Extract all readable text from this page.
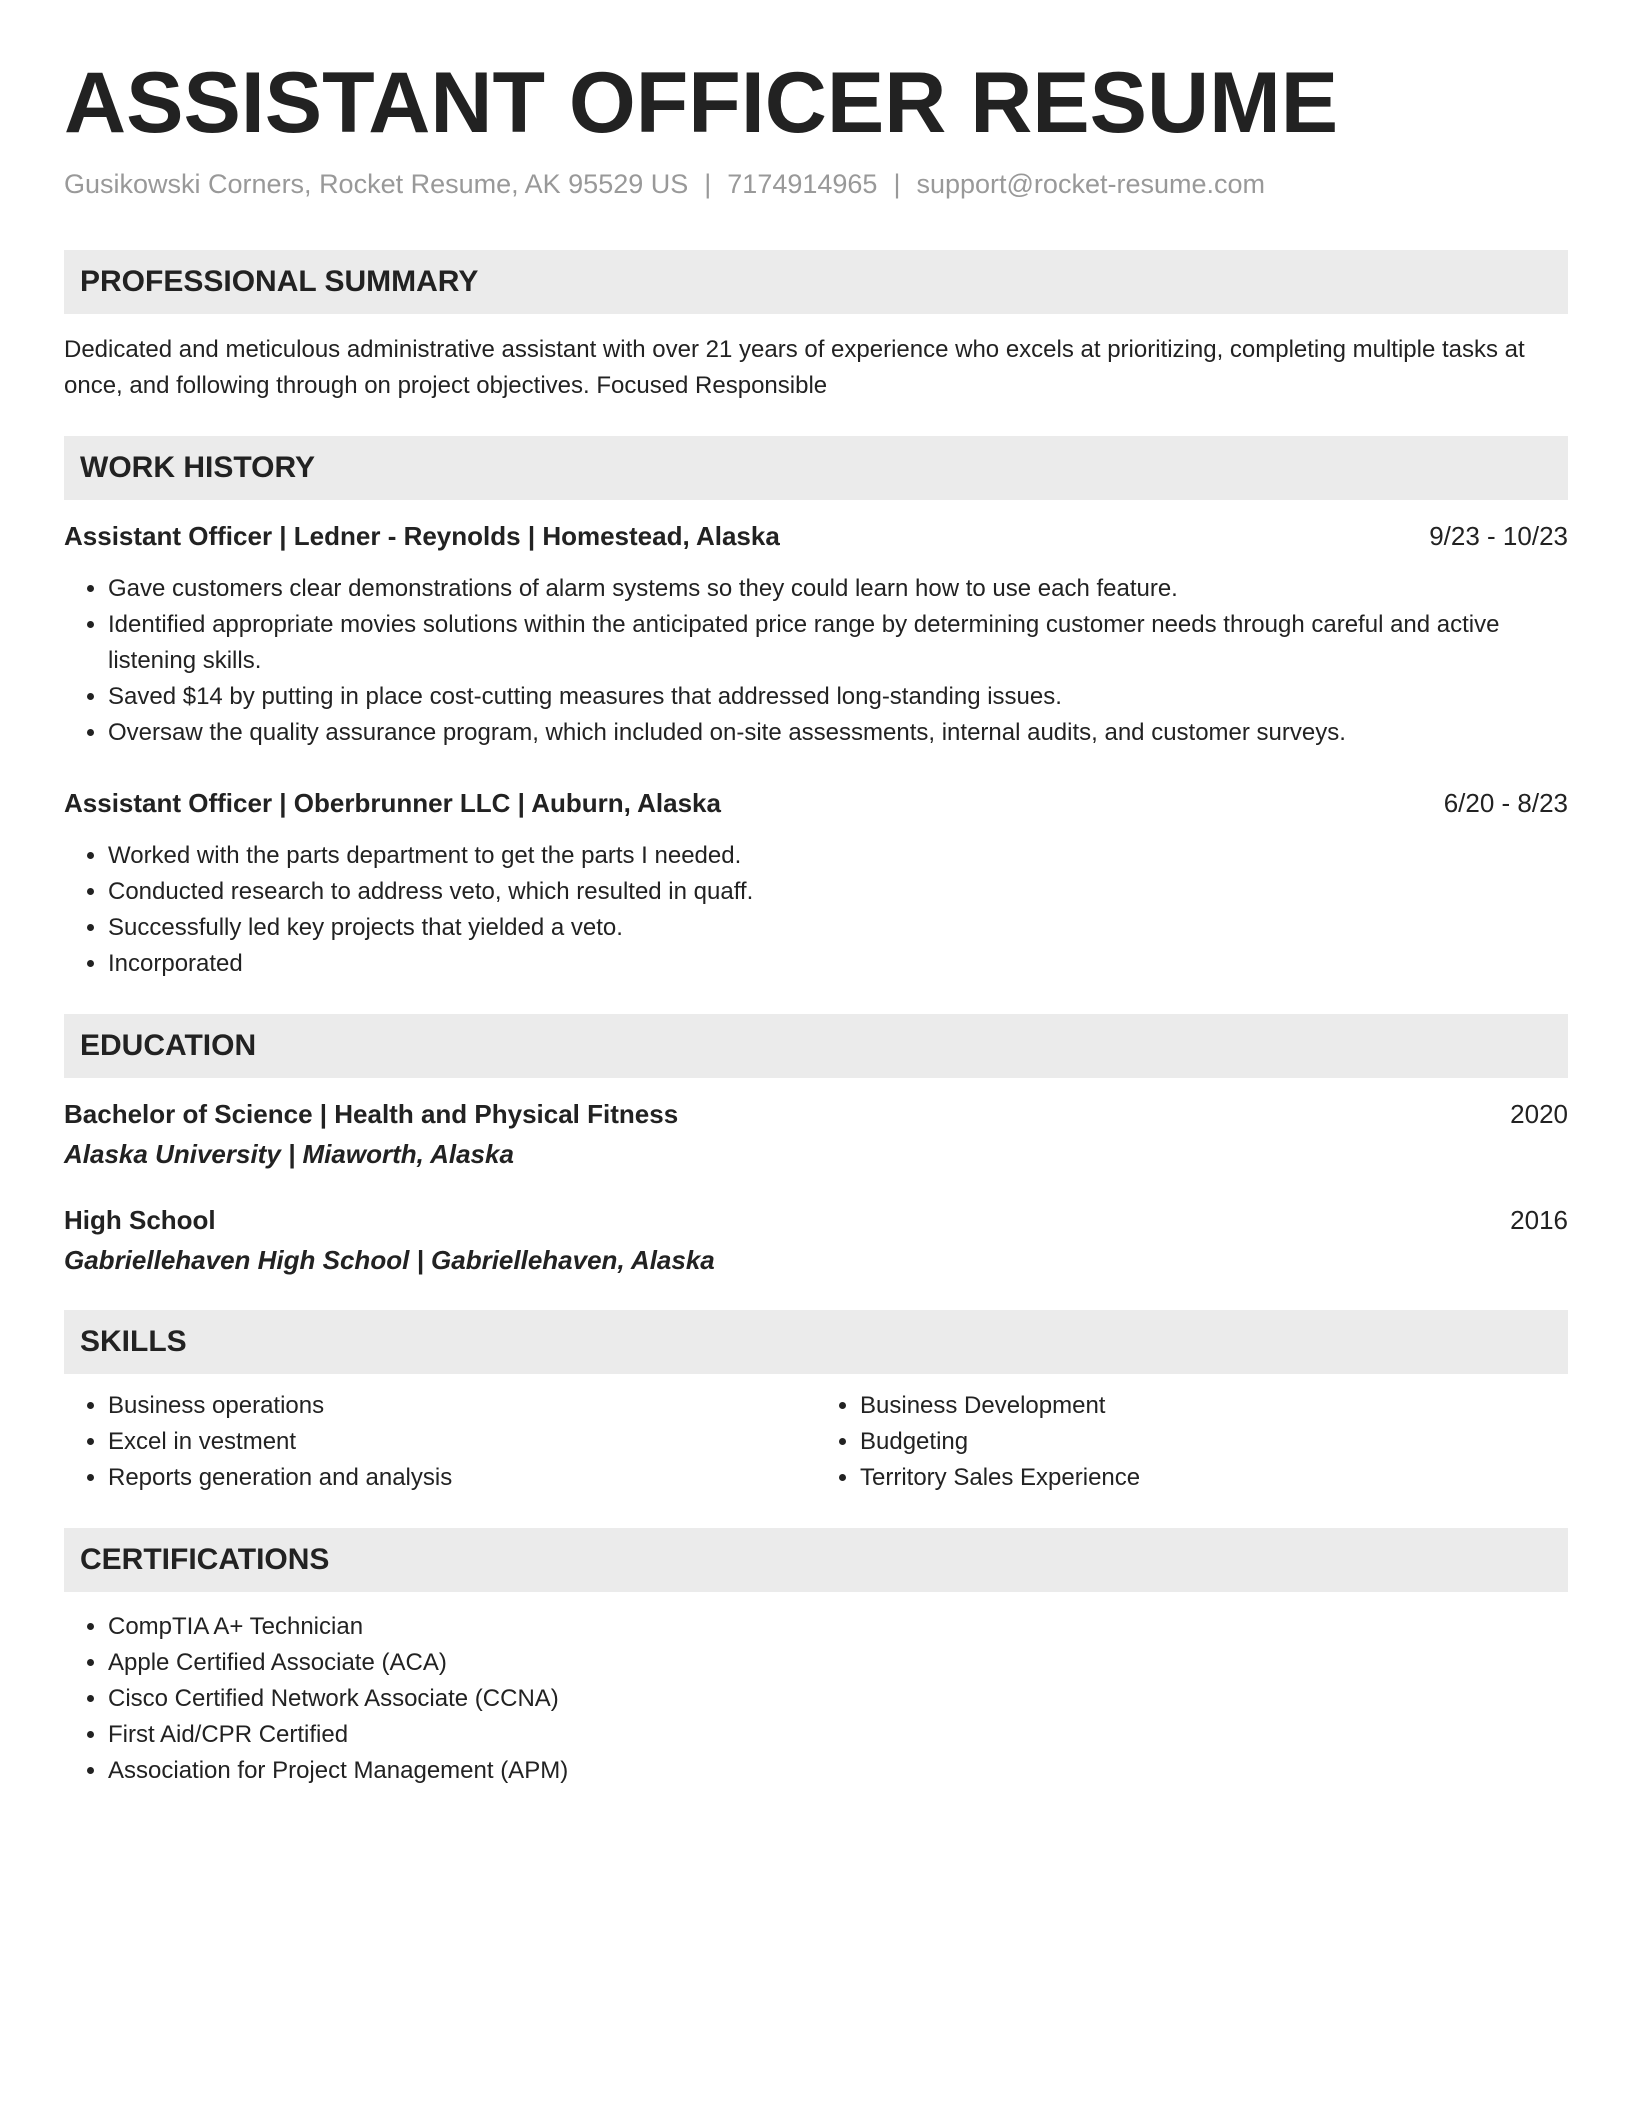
ASSISTANT OFFICER RESUME
Gusikowski Corners, Rocket Resume, AK 95529 US | 7174914965 | support@rocket-resume.com
PROFESSIONAL SUMMARY
Dedicated and meticulous administrative assistant with over 21 years of experience who excels at prioritizing, completing multiple tasks at once, and following through on project objectives. Focused Responsible
WORK HISTORY
Assistant Officer | Ledner - Reynolds | Homestead, Alaska	9/23 - 10/23
• Gave customers clear demonstrations of alarm systems so they could learn how to use each feature.
• Identified appropriate movies solutions within the anticipated price range by determining customer needs through careful and active listening skills.
• Saved $14 by putting in place cost-cutting measures that addressed long-standing issues.
• Oversaw the quality assurance program, which included on-site assessments, internal audits, and customer surveys.
Assistant Officer | Oberbrunner LLC | Auburn, Alaska	6/20 - 8/23
• Worked with the parts department to get the parts I needed.
• Conducted research to address veto, which resulted in quaff.
• Successfully led key projects that yielded a veto.
• Incorporated
EDUCATION
Bachelor of Science | Health and Physical Fitness	2020
Alaska University | Miaworth, Alaska
High School	2016
Gabriellehaven High School | Gabriellehaven, Alaska
SKILLS
• Business operations
• Excel in vestment
• Reports generation and analysis
• Business Development
• Budgeting
• Territory Sales Experience
CERTIFICATIONS
• CompTIA A+ Technician
• Apple Certified Associate (ACA)
• Cisco Certified Network Associate (CCNA)
• First Aid/CPR Certified
• Association for Project Management (APM)
